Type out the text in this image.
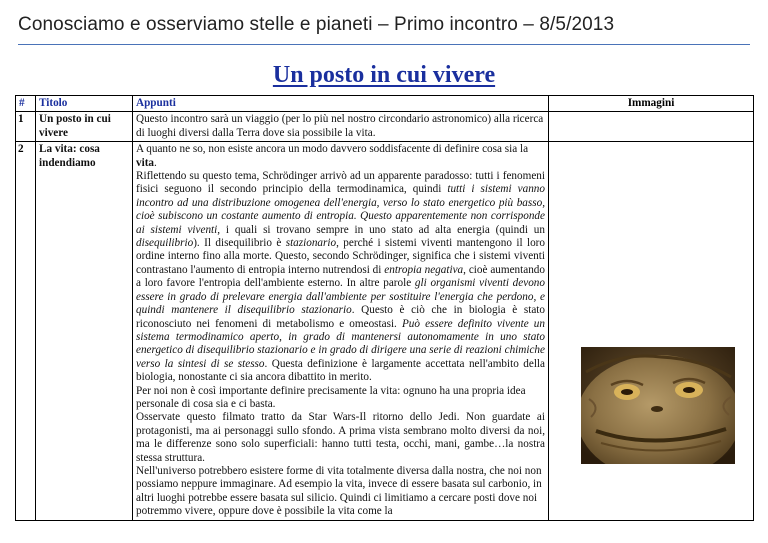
Conosciamo e osserviamo stelle e pianeti – Primo incontro – 8/5/2013
Un posto in cui vivere
#	Titolo	Appunti	Immagini
1	Un posto in cui vivere	Questo incontro sarà un viaggio (per lo più nel nostro circondario astronomico) alla ricerca di luoghi diversi dalla Terra dove sia possibile la vita.	

2	La vita: cosa indendiamo	A quanto ne so, non esiste ancora un modo davvero soddisfacente di definire cosa sia la vita.

Riflettendo su questo tema, Schrödinger arrivò ad un apparente paradosso: tutti i fenomeni fisici seguono il secondo principio della termodinamica, quindi tutti i sistemi vanno incontro ad una distribuzione omogenea dell'energia, verso lo stato energetico più basso, cioè subiscono un costante aumento di entropia. Questo apparentemente non corrisponde ai sistemi viventi, i quali si trovano sempre in uno stato ad alta energia (quindi un disequilibrio). Il disequilibrio è stazionario, perché i sistemi viventi mantengono il loro ordine interno fino alla morte. Questo, secondo Schrödinger, significa che i sistemi viventi contrastano l'aumento di entropia interno nutrendosi di entropia negativa, cioè aumentando a loro favore l'entropia dell'ambiente esterno. In altre parole gli organismi viventi devono essere in grado di prelevare energia dall'ambiente per sostituire l'energia che perdono, e quindi mantenere il disequilibrio stazionario. Questo è ciò che in biologia è stato riconosciuto nei fenomeni di metabolismo e omeostasi. Può essere definito vivente un sistema termodinamico aperto, in grado di mantenersi autonomamente in uno stato energetico di disequilibrio stazionario e in grado di dirigere una serie di reazioni chimiche verso la sintesi di se stesso. Questa definizione è largamente accettata nell'ambito della biologia, nonostante ci sia ancora dibattito in merito.

Per noi non è così importante definire precisamente la vita: ognuno ha una propria idea personale di cosa sia e ci basta.

Osservate questo filmato tratto da Star Wars-Il ritorno dello Jedi. Non guardate ai protagonisti, ma ai personaggi sullo sfondo. A prima vista sembrano molto diversi da noi, ma le differenze sono solo superficiali: hanno tutti testa, occhi, mani, gambe…la nostra stessa struttura.

Nell'universo potrebbero esistere forme di vita totalmente diversa dalla nostra, che noi non possiamo neppure immaginare. Ad esempio la vita, invece di essere basata sul carbonio, in altri luoghi potrebbe essere basata sul silicio. Quindi ci limitiamo a cercare posti dove noi potremmo vivere, oppure dove è possibile la vita come la	
